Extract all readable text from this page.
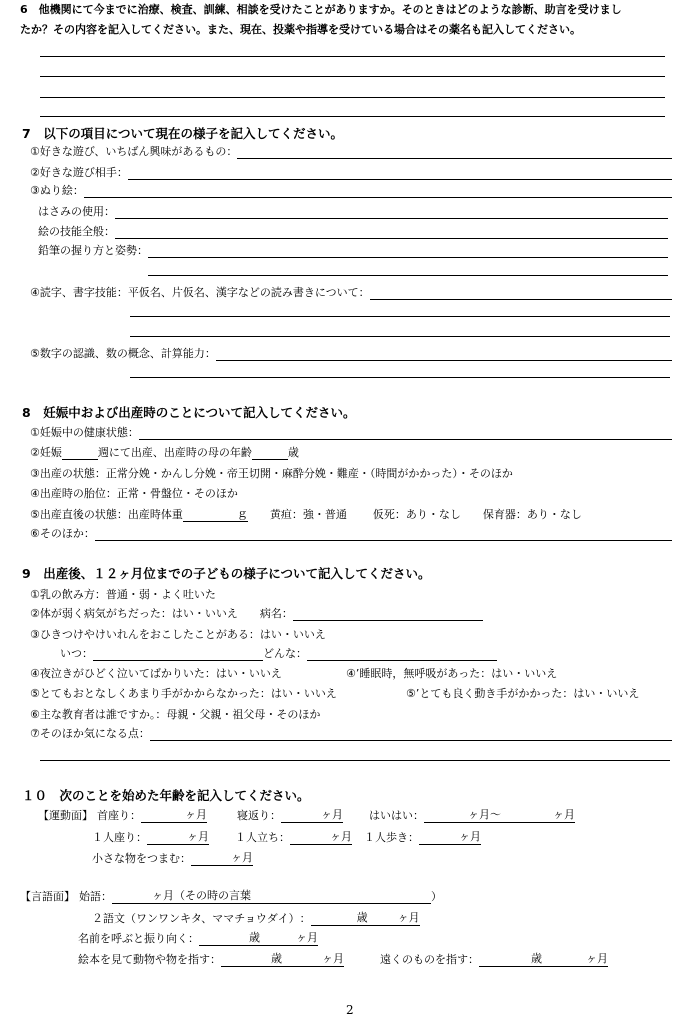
6　他機関にて今までに治療、検査、訓練、相談を受けたことがありますか。そのときはどのような診断、助言を受けまし
たか？その内容を記入してください。また、現在、投薬や指導を受けている場合はその薬名も記入してください。
7　以下の項目について現在の様子を記入してください。
①好きな遊び、いちばん興味があるもの ：
②好きな遊び相手 ：
③ぬり絵 ：
はさみの使用 ：
絵の技能全般 ：
鉛筆の握り方と姿勢 ：
④読字、書字技能：平仮名、片仮名、漢字などの読み書きについて ：
⑤数字の認識、数の概念、計算能力 ：
8　妊娠中および出産時のことについて記入してください。
①妊娠中の健康状態 ：
②妊娠	週にて出産、出産時の母の年齢	歳
③出産の状態：正常分娩・かんし分娩・帝王切開・麻酔分娩・難産・（時間がかかった）・そのほか
④出産時の胎位：正常・骨盤位・そのほか
⑤出産直後の状態：出産時体重	ｇ 黄疸：強・普通 仮死：あり・なし 保育器：あり・なし
⑥そのほか ：
9　出産後、１２ヶ月位までの子どもの様子について記入してください。
①乳の飲み方：普通・弱・よく吐いた
②体が弱く病気がちだった：はい・いいえ 病名 ：
③ひきつけやけいれんをおこしたことがある：はい・いいえ
いつ ：	どんな ：
④夜泣きがひどく泣いてばかりいた：はい・いいえ	④’睡眠時，無呼吸があった：はい・いいえ
⑤とてもおとなしくあまり手がかからなかった：はい・いいえ	⑤’とても良く動き手がかかった：はい・いいえ
⑥主な教育者は誰ですか。：母親・父親・祖父母・そのほか
⑦そのほか気になる点 ：
１０　次のことを始めた年齢を記入してください。
【運動面】 首座り ：	ヶ月	寝返り ：	ヶ月 はいはい ：	ヶ月 〜	ヶ月
１人座り ：	ヶ月 １人立ち ：	ヶ月 １人歩き ：	ヶ月
小さな物をつまむ ：	ヶ月
【言語面】 始語 ：	ヶ月（その時の言葉	）
２語文（ワンワンキタ、ママチョウダイ） ：	歳	ヶ月
名前を呼ぶと振り向く ：	歳	ヶ月
絵本を見て動物や物を指す ：	歳	ヶ月	遠くのものを指す ：	歳	ヶ月
2
